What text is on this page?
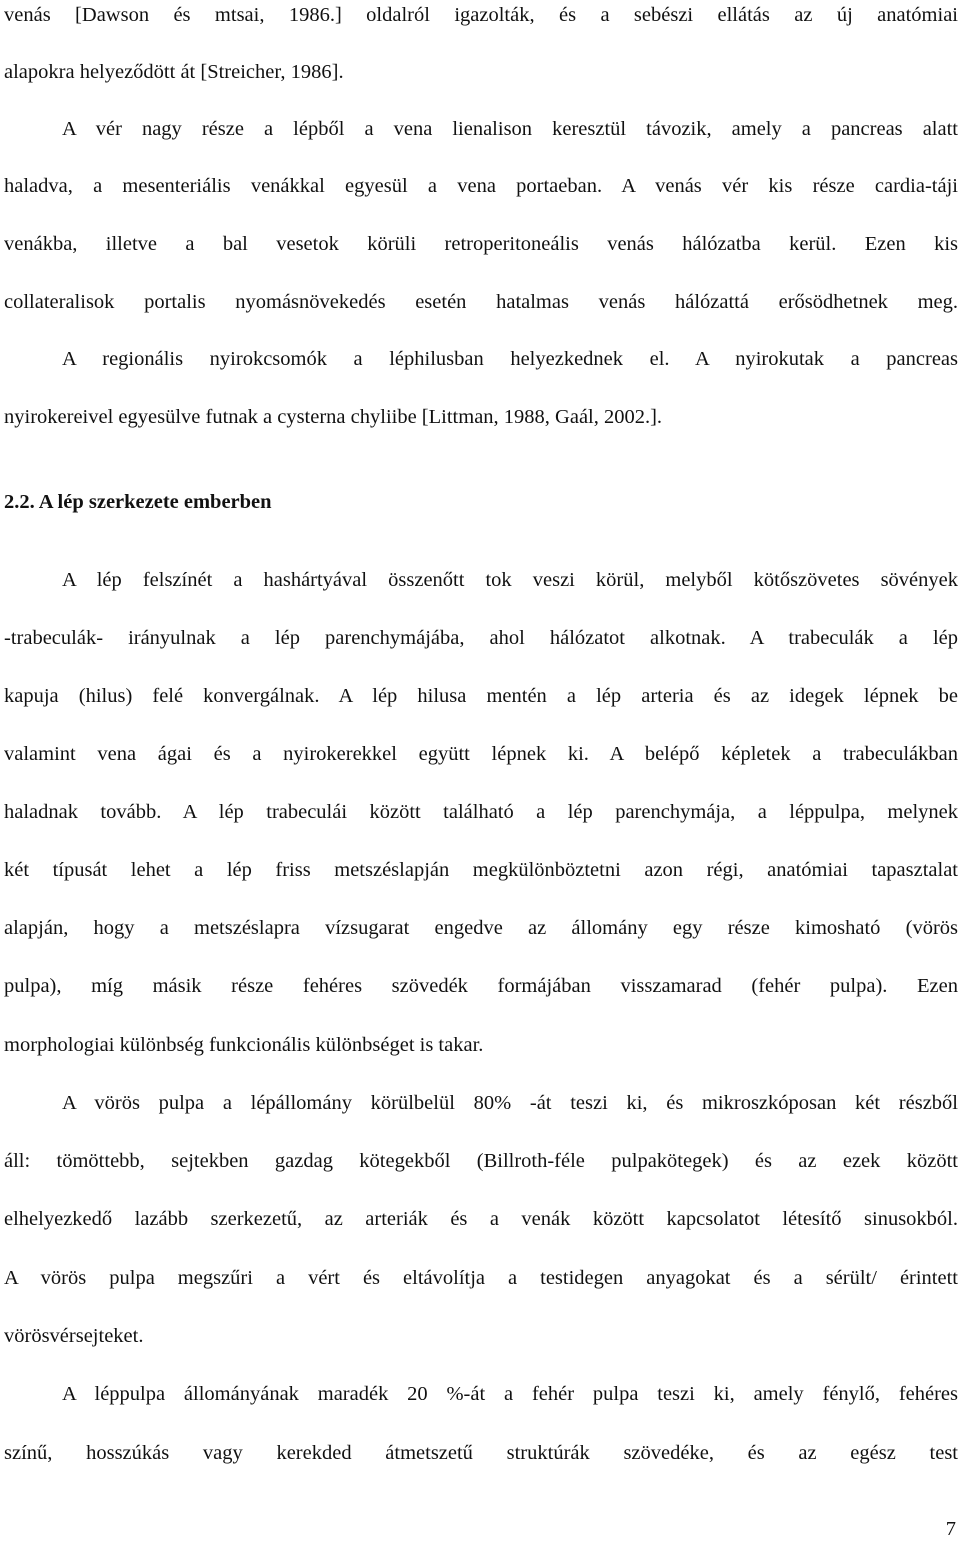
venás [Dawson és mtsai, 1986.] oldalról igazolták, és a sebészi ellátás az új anatómiai
alapokra helyeződött át [Streicher, 1986].
A vér nagy része a lépből a vena lienalison keresztül távozik, amely a pancreas alatt
haladva, a mesenteriális venákkal egyesül a vena portaeban. A venás vér kis része cardia-táji
venákba, illetve a bal vesetok körüli retroperitoneális venás hálózatba kerül. Ezen kis
collateralisok portalis nyomásnövekedés esetén hatalmas venás hálózattá erősödhetnek meg.
A regionális nyirokcsomók a léphilusban helyezkednek el. A nyirokutak a pancreas
nyirokereivel egyesülve futnak a cysterna chyliibe [Littman, 1988, Gaál, 2002.].
2.2. A lép szerkezete emberben
A lép felszínét a hashártyával összenőtt tok veszi körül, melyből kötőszövetes sövények
-trabeculák- irányulnak a lép parenchymájába, ahol hálózatot alkotnak. A trabeculák a lép
kapuja (hilus) felé konvergálnak. A lép hilusa mentén a lép arteria és az idegek lépnek be
valamint vena ágai és a nyirokerekkel együtt lépnek ki. A belépő képletek a trabeculákban
haladnak tovább. A lép trabeculái között található a lép parenchymája, a léppulpa, melynek
két típusát lehet a lép friss metszéslapján megkülönböztetni azon régi, anatómiai tapasztalat
alapján, hogy a metszéslapra vízsugarat engedve az állomány egy része kimosható (vörös
pulpa), míg másik része fehéres szövedék formájában visszamarad (fehér pulpa). Ezen
morphologiai különbség funkcionális különbséget is takar.
A vörös pulpa a lépállomány körülbelül 80% -át teszi ki, és mikroszkóposan két részből
áll: tömöttebb, sejtekben gazdag kötegekből (Billroth-féle pulpakötegek) és az ezek között
elhelyezkedő lazább szerkezetű, az arteriák és a venák között kapcsolatot létesítő sinusokból.
A vörös pulpa megszűri a vért és eltávolítja a testidegen anyagokat és a sérült/ érintett
vörösvérsejteket.
A léppulpa állományának maradék 20 %-át a fehér pulpa teszi ki, amely fénylő, fehéres
színű, hosszúkás vagy kerekded átmetszetű struktúrák szövedéke, és az egész test
7
